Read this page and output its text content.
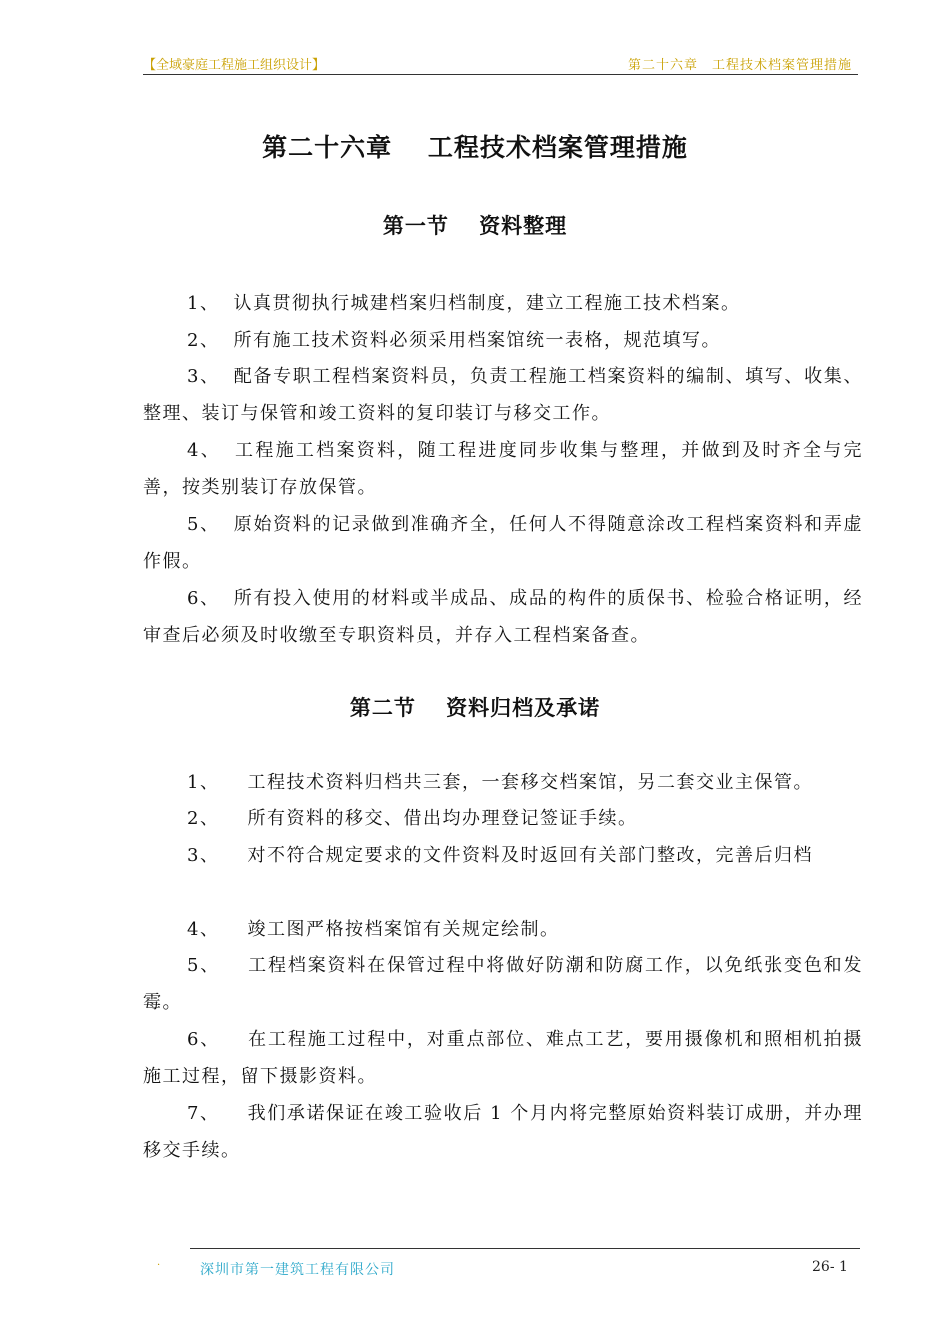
【全域豪庭工程施工组织设计】	第二十六章　工程技术档案管理措施
第二十六章　 工程技术档案管理措施
第一节　 资料整理
1、 认真贯彻执行城建档案归档制度，建立工程施工技术档案。
2、 所有施工技术资料必须采用档案馆统一表格，规范填写。
3、 配备专职工程档案资料员，负责工程施工档案资料的编制、填写、收集、整理、装订与保管和竣工资料的复印装订与移交工作。
4、 工程施工档案资料，随工程进度同步收集与整理，并做到及时齐全与完善，按类别装订存放保管。
5、 原始资料的记录做到准确齐全，任何人不得随意涂改工程档案资料和弄虚作假。
6、 所有投入使用的材料或半成品、成品的构件的质保书、检验合格证明，经审查后必须及时收缴至专职资料员，并存入工程档案备查。
第二节　 资料归档及承诺
1、 工程技术资料归档共三套，一套移交档案馆，另二套交业主保管。
2、 所有资料的移交、借出均办理登记签证手续。
3、 对不符合规定要求的文件资料及时返回有关部门整改，完善后归档
4、 竣工图严格按档案馆有关规定绘制。
5、 工程档案资料在保管过程中将做好防潮和防腐工作，以免纸张变色和发霉。
6、 在工程施工过程中，对重点部位、难点工艺，要用摄像机和照相机拍摄施工过程，留下摄影资料。
7、 我们承诺保证在竣工验收后 1 个月内将完整原始资料装订成册，并办理移交手续。
·	深圳市第一建筑工程有限公司	26- 1
